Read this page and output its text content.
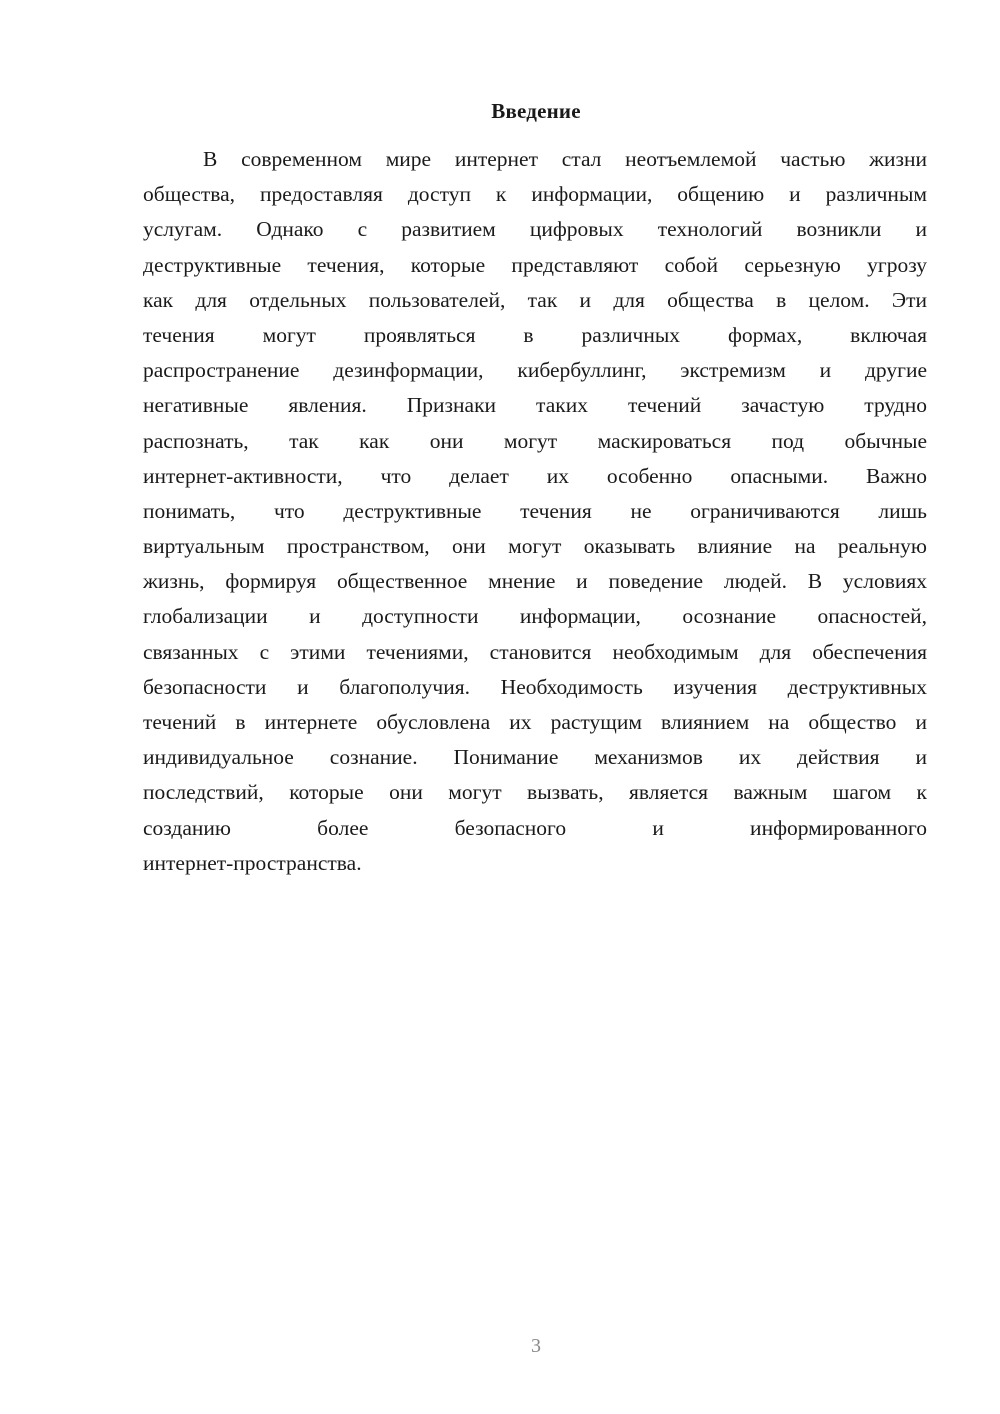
Введение
В современном мире интернет стал неотъемлемой частью жизни
общества, предоставляя доступ к информации, общению и различным
услугам. Однако с развитием цифровых технологий возникли и
деструктивные течения, которые представляют собой серьезную угрозу
как для отдельных пользователей, так и для общества в целом. Эти
течения могут проявляться в различных формах, включая
распространение дезинформации, кибербуллинг, экстремизм и другие
негативные явления. Признаки таких течений зачастую трудно
распознать, так как они могут маскироваться под обычные
интернет-активности, что делает их особенно опасными. Важно
понимать, что деструктивные течения не ограничиваются лишь
виртуальным пространством, они могут оказывать влияние на реальную
жизнь, формируя общественное мнение и поведение людей. В условиях
глобализации и доступности информации, осознание опасностей,
связанных с этими течениями, становится необходимым для обеспечения
безопасности и благополучия. Необходимость изучения деструктивных
течений в интернете обусловлена их растущим влиянием на общество и
индивидуальное сознание. Понимание механизмов их действия и
последствий, которые они могут вызвать, является важным шагом к
созданию более безопасного и информированного
интернет-пространства.
3
